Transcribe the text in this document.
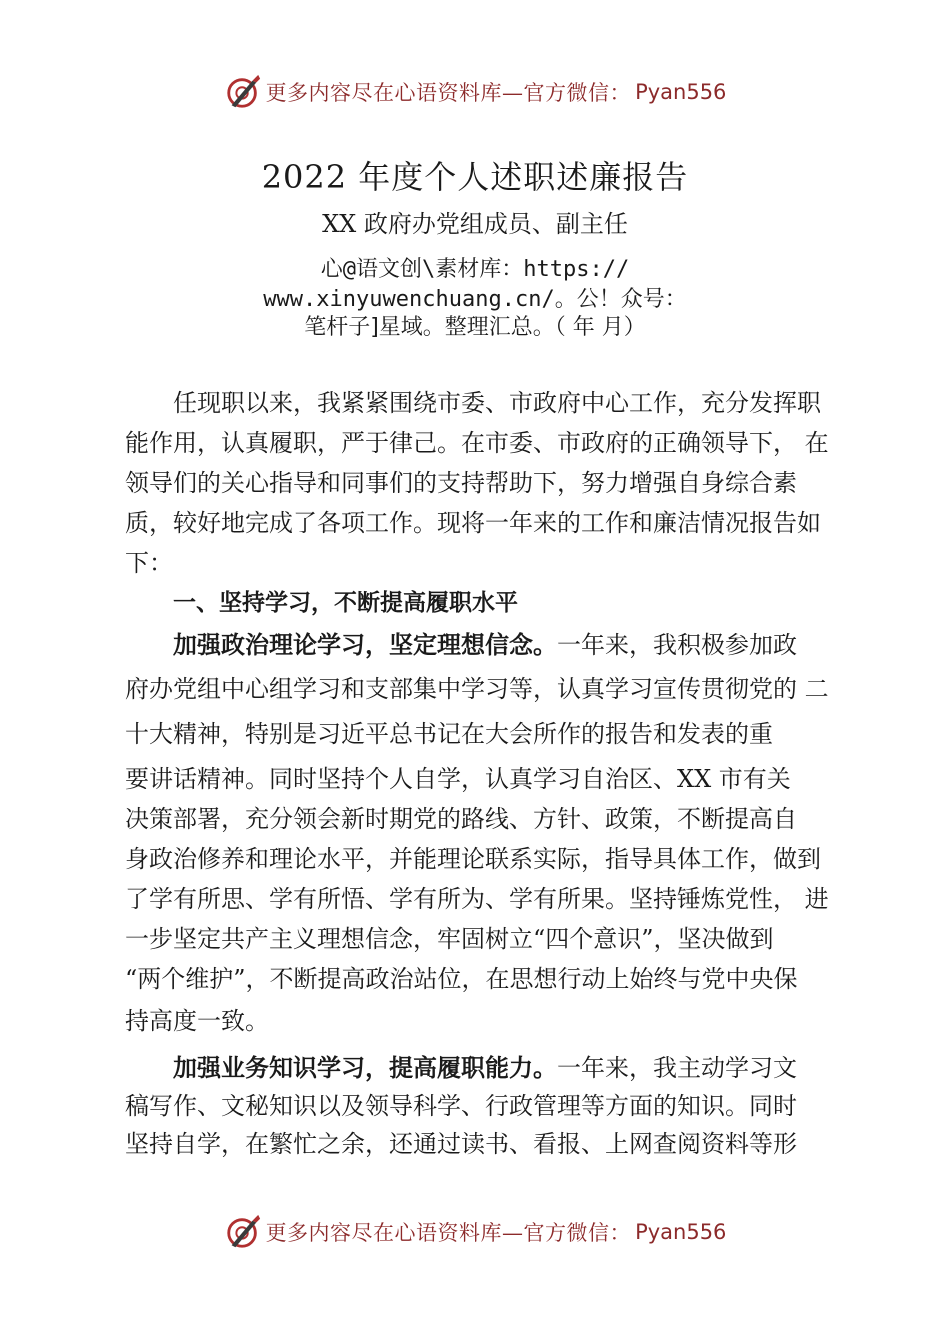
更多内容尽在心语资料库—官方微信： Pyan556
2022 年度个人述职述廉报告
XX 政府办党组成员、副主任
心@语文创\素材库：https://
www.xinyuwenchuang.cn/。公！众号：
笔杆子]星域。整理汇总。（ 年 月）
任现职以来，我紧紧围绕市委、市政府中心工作，充分发挥职
能作用，认真履职，严于律己。在市委、市政府的正确领导下， 在
领导们的关心指导和同事们的支持帮助下，努力增强自身综合素
质，较好地完成了各项工作。现将一年来的工作和廉洁情况报告如
下：
一、坚持学习，不断提高履职水平
加强政治理论学习，坚定理想信念。一年来，我积极参加政
府办党组中心组学习和支部集中学习等，认真学习宣传贯彻党的 二
十大精神，特别是习近平总书记在大会所作的报告和发表的重
要讲话精神。同时坚持个人自学，认真学习自治区、XX 市有关
决策部署，充分领会新时期党的路线、方针、政策，不断提高自
身政治修养和理论水平，并能理论联系实际，指导具体工作，做到
了学有所思、学有所悟、学有所为、学有所果。坚持锤炼党性， 进
一步坚定共产主义理想信念，牢固树立“四个意识”，坚决做到
“两个维护”，不断提高政治站位，在思想行动上始终与党中央保
持高度一致。
加强业务知识学习，提高履职能力。一年来，我主动学习文
稿写作、文秘知识以及领导科学、行政管理等方面的知识。同时
坚持自学，在繁忙之余，还通过读书、看报、上网查阅资料等形
更多内容尽在心语资料库—官方微信： Pyan556
